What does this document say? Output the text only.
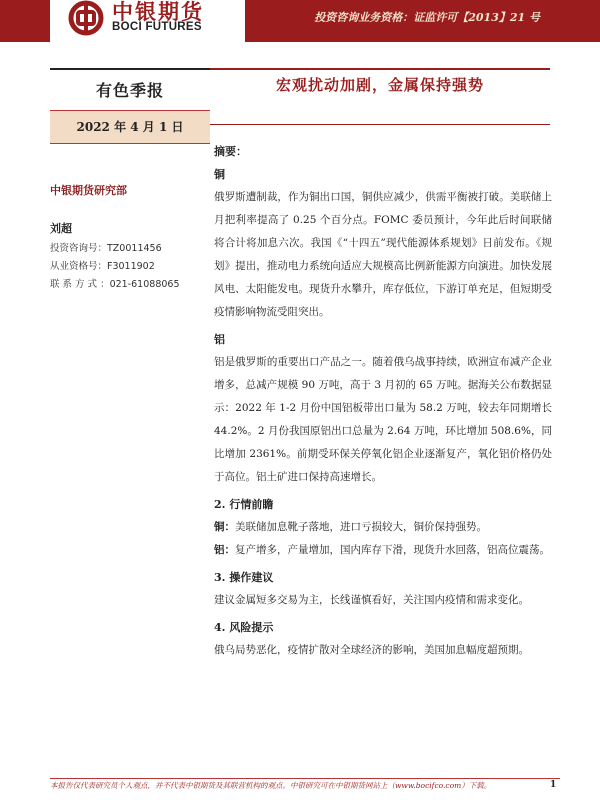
中银期货
BOCI FUTURES
投资咨询业务资格：证监许可【2013】21 号
有色季报
2022 年 4 月 1 日
中银期货研究部
刘超
投资咨询号：TZ0011456
从业资格号：F3011902
联 系 方 式 ：021-61088065
宏观扰动加剧，金属保持强势

摘要：

铜

俄罗斯遭制裁，作为铜出口国，铜供应减少，供需平衡被打破。美联储上月把利率提高了 0.25 个百分点。FOMC 委员预计，今年此后时间联储将合计将加息六次。我国《“十四五”现代能源体系规划》日前发布。《规划》提出，推动电力系统向适应大规模高比例新能源方向演进。加快发展风电、太阳能发电。现货升水攀升，库存低位，下游订单充足，但短期受疫情影响物流受阻突出。

铝

铝是俄罗斯的重要出口产品之一。随着俄乌战事持续，欧洲宣布减产企业增多，总减产规模 90 万吨，高于 3 月初的 65 万吨。据海关公布数据显示：2022 年 1-2 月份中国铝板带出口量为 58.2 万吨，较去年同期增长 44.2%。2 月份我国原铝出口总量为 2.64 万吨，环比增加 508.6%，同比增加 2361%。前期受环保关停氧化铝企业逐渐复产，氧化铝价格仍处于高位。铝土矿进口保持高速增长。

2. 行情前瞻

铜：美联储加息靴子落地，进口亏损较大，铜价保持强势。

铝：复产增多，产量增加，国内库存下滑，现货升水回落，铝高位震荡。

3. 操作建议

建议金属短多交易为主，长线谨慎看好，关注国内疫情和需求变化。

4. 风险提示

俄乌局势恶化，疫情扩散对全球经济的影响，美国加息幅度超预期。

本报告仅代表研究员个人观点，并不代表中银期货及其联营机构的观点。中银研究可在中银期货网站上（www.bocifco.com）下载。	1
